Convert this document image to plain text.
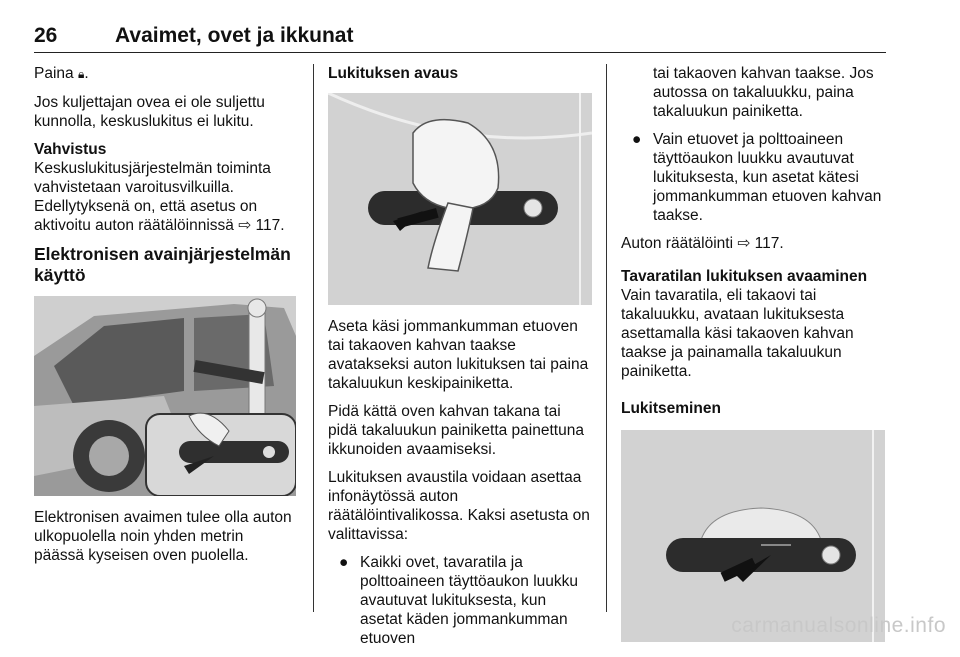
26	Avaimet, ovet ja ikkunat

Paina 🔒︎.

Jos kuljettajan ovea ei ole suljettu kunnolla, keskuslukitus ei lukitu.

Vahvistus

Keskuslukitusjärjestelmän toiminta vahvistetaan varoitusvilkuilla. Edellytyksenä on, että asetus on aktivoitu auton räätälöinnissä ⇨ 117.

Elektronisen avainjärjestelmän käyttö

Elektronisen avaimen tulee olla auton ulkopuolella noin yhden metrin päässä kyseisen oven puolella.

Lukituksen avaus

Aseta käsi jommankumman etuoven tai takaoven kahvan taakse avatakseksi auton lukituksen tai paina takaluukun keskipainiketta.

Pidä kättä oven kahvan takana tai pidä takaluukun painiketta painettuna ikkunoiden avaamiseksi.

Lukituksen avaustila voidaan asettaa infonäytössä auton räätälöintivalikossa. Kaksi asetusta on valittavissa:

● Kaikki ovet, tavaratila ja polttoaineen täyttöaukon luukku avautuvat lukituksesta, kun asetat käden jommankumman etuoven
tai takaoven kahvan taakse. Jos autossa on takaluukku, paina takaluukun painiketta.
● Vain etuovet ja polttoaineen täyttöaukon luukku avautuvat lukituksesta, kun asetat kätesi jommankumman etuoven kahvan taakse.

Auton räätälöinti ⇨ 117.

Tavaratilan lukituksen avaaminen

Vain tavaratila, eli takaovi tai takaluukku, avataan lukituksesta asettamalla käsi takaoven kahvan taakse ja painamalla takaluukun painiketta.

Lukitseminen

carmanualsonline.info
